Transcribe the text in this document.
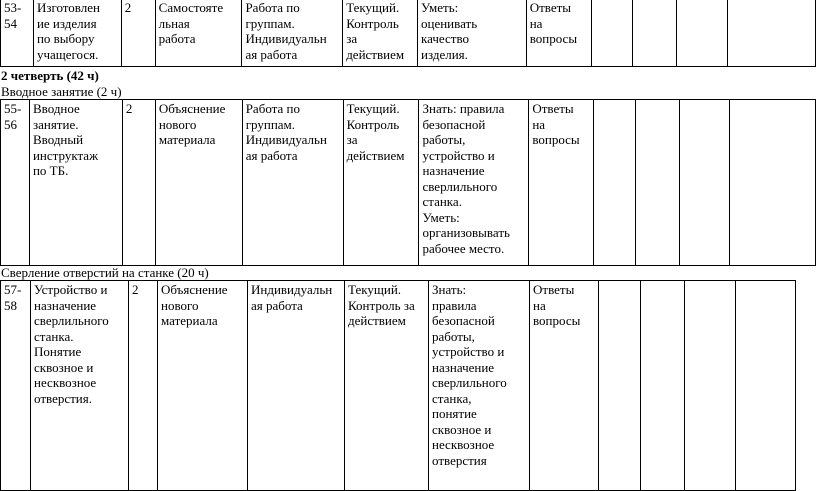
53-
54	Изготовлен
ие изделия
по выбору
учащегося.	2	Самостояте
льная
работа	Работа по
группам.
Индивидуальн
ая работа	Текущий.
Контроль
за
действием	Уметь:
оценивать
качество
изделия.	Ответы
на
вопросы				
2 четверть (42 ч)
Вводное занятие (2 ч)
55-
56	Вводное
занятие.
Вводный
инструктаж
по ТБ.	2	Объяснение
нового
материала	Работа по
группам.
Индивидуальн
ая работа	Текущий.
Контроль
за
действием	Знать: правила
безопасной
работы,
устройство и
назначение
сверлильного
станка.
Уметь:
организовывать
рабочее место.	Ответы
на
вопросы				
Сверление отверстий на станке (20 ч)
57-
58	Устройство и
назначение
сверлильного
станка.
Понятие
сквозное и
несквозное
отверстия.	2	Объяснение
нового
материала	Индивидуальн
ая работа	Текущий.
Контроль за
действием	Знать:
правила
безопасной
работы,
устройство и
назначение
сверлильного
станка,
понятие
сквозное и
несквозное
отверстия	Ответы
на
вопросы				
